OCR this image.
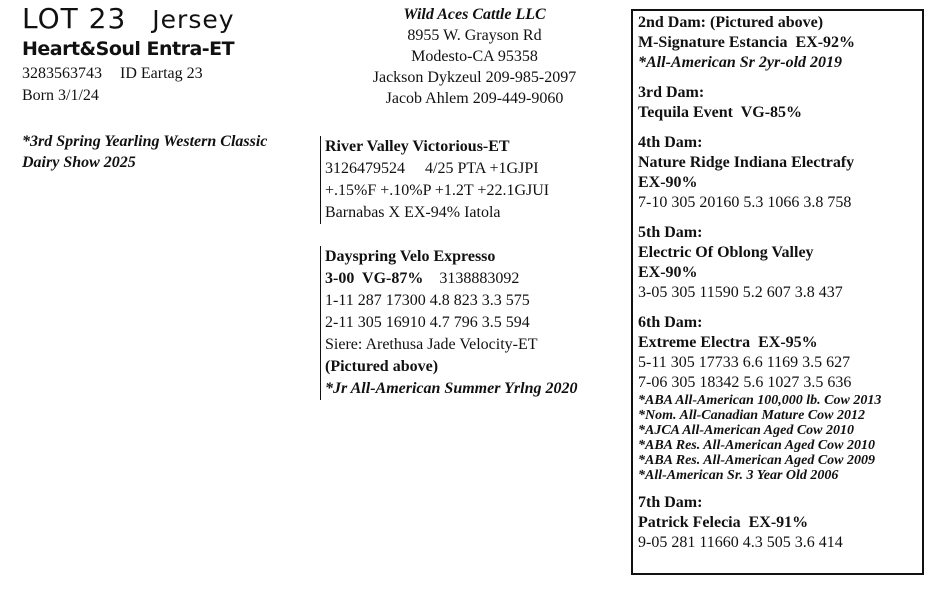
LOT 23 Jersey
Heart&Soul Entra-ET
3283563743 ID Eartag 23
Born 3/1/24
*3rd Spring Yearling Western Classic
Dairy Show 2025
Wild Aces Cattle LLC
8955 W. Grayson Rd
Modesto-CA 95358
Jackson Dykzeul 209-985-2097
Jacob Ahlem 209-449-9060
River Valley Victorious-ET
3126479524     4/25 PTA +1GJPI
+.15%F +.10%P +1.2T +22.1GJUI
Barnabas X EX-94% Iatola
Dayspring Velo Expresso
3-00  VG-87% 3138883092
1-11 287 17300 4.8 823 3.3 575
2-11 305 16910 4.7 796 3.5 594
Siere: Arethusa Jade Velocity-ET
(Pictured above)
*Jr All-American Summer Yrlng 2020
2nd Dam: (Pictured above)
M-Signature Estancia  EX-92%
*All-American Sr 2yr-old 2019
3rd Dam:
Tequila Event  VG-85%
4th Dam:
Nature Ridge Indiana Electrafy
EX-90%
7-10 305 20160 5.3 1066 3.8 758
5th Dam:
Electric Of Oblong Valley
EX-90%
3-05 305 11590 5.2 607 3.8 437
6th Dam:
Extreme Electra  EX-95%
5-11 305 17733 6.6 1169 3.5 627
7-06 305 18342 5.6 1027 3.5 636
*ABA All-American 100,000 lb. Cow 2013
*Nom. All-Canadian Mature Cow 2012
*AJCA All-American Aged Cow 2010
*ABA Res. All-American Aged Cow 2010
*ABA Res. All-American Aged Cow 2009
*All-American Sr. 3 Year Old 2006
7th Dam:
Patrick Felecia  EX-91%
9-05 281 11660 4.3 505 3.6 414
